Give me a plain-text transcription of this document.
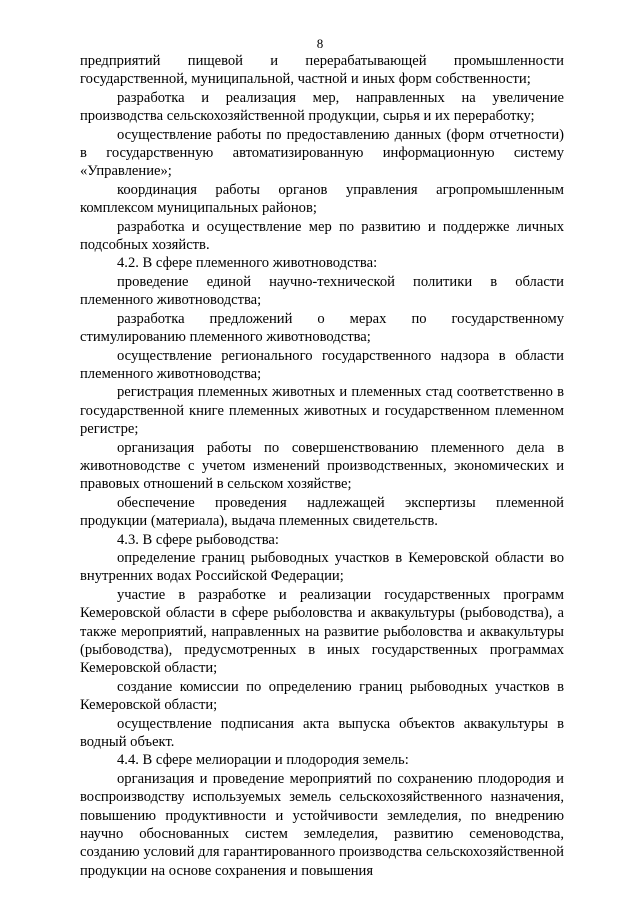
8

предприятий пищевой и перерабатывающей промышленности государственной, муниципальной, частной и иных форм собственности;

разработка и реализация мер, направленных на увеличение производства сельскохозяйственной продукции, сырья и их переработку;

осуществление работы по предоставлению данных (форм отчетности) в государственную автоматизированную информационную систему «Управление»;

координация работы органов управления агропромышленным комплексом муниципальных районов;

разработка и осуществление мер по развитию и поддержке личных подсобных хозяйств.

4.2. В сфере племенного животноводства:

проведение единой научно-технической политики в области племенного животноводства;

разработка предложений о мерах по государственному стимулированию племенного животноводства;

осуществление регионального государственного надзора в области племенного животноводства;

регистрация племенных животных и племенных стад соответственно в государственной книге племенных животных и государственном племенном регистре;

организация работы по совершенствованию племенного дела в животноводстве с учетом изменений производственных, экономических и правовых отношений в сельском хозяйстве;

обеспечение проведения надлежащей экспертизы племенной продукции (материала), выдача племенных свидетельств.

4.3. В сфере рыбоводства:

определение границ рыбоводных участков в Кемеровской области во внутренних водах Российской Федерации;

участие в разработке и реализации государственных программ Кемеровской области в сфере рыболовства и аквакультуры (рыбоводства), а также мероприятий, направленных на развитие рыболовства и аквакультуры (рыбоводства), предусмотренных в иных государственных программах Кемеровской области;

создание комиссии по определению границ рыбоводных участков в Кемеровской области;

осуществление подписания акта выпуска объектов аквакультуры в водный объект.

4.4. В сфере мелиорации и плодородия земель:

организация и проведение мероприятий по сохранению плодородия и воспроизводству используемых земель сельскохозяйственного назначения, повышению продуктивности и устойчивости земледелия, по внедрению научно обоснованных систем земледелия, развитию семеноводства, созданию условий для гарантированного производства сельскохозяйственной продукции на основе сохранения и повышения
